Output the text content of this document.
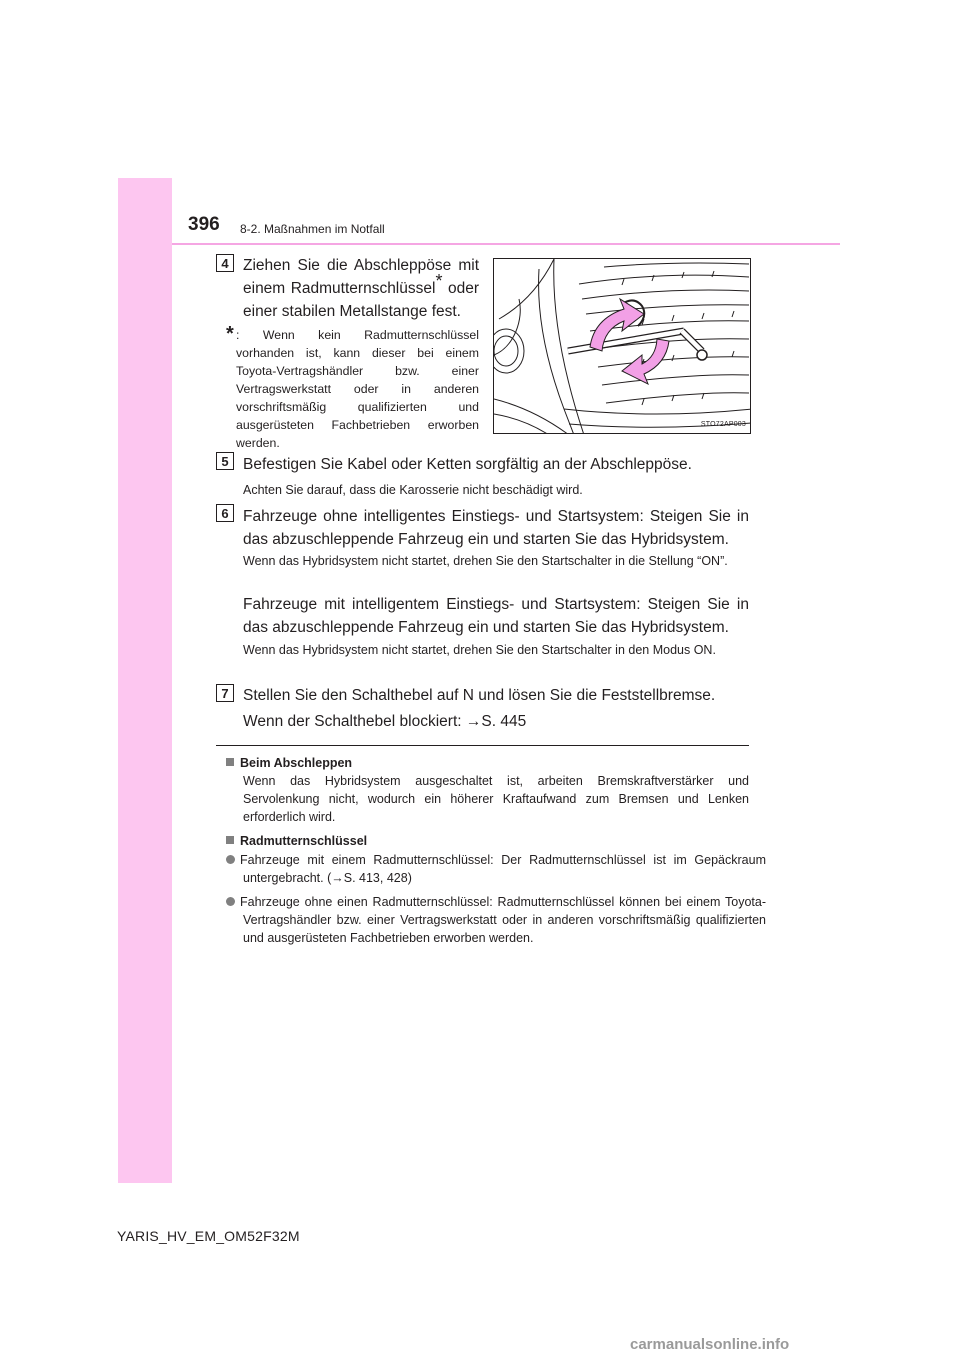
396 8-2. Maßnahmen im Notfall
4 Ziehen Sie die Abschleppöse mit
einem Radmutternschlüssel* oder
einer stabilen Metallstange fest.
* : Wenn kein Radmutternschlüssel vorhanden ist, kann dieser bei einem Toyota-Vertragshändler bzw. einer Vertragswerkstatt oder in anderen vorschriftsmäßig qualifizierten und ausgerüsteten Fachbetrieben erworben werden.
STO72AP003
5 Befestigen Sie Kabel oder Ketten sorgfältig an der Abschleppöse.
Achten Sie darauf, dass die Karosserie nicht beschädigt wird.
6 Fahrzeuge ohne intelligentes Einstiegs- und Startsystem: Steigen Sie in das abzuschleppende Fahrzeug ein und starten Sie das Hybridsystem.
Wenn das Hybridsystem nicht startet, drehen Sie den Startschalter in die Stellung “ON”.
Fahrzeuge mit intelligentem Einstiegs- und Startsystem: Steigen Sie in das abzuschleppende Fahrzeug ein und starten Sie das Hybridsystem.
Wenn das Hybridsystem nicht startet, drehen Sie den Startschalter in den Modus ON.
7 Stellen Sie den Schalthebel auf N und lösen Sie die Feststellbremse.
Wenn der Schalthebel blockiert: →S. 445
Beim Abschleppen
Wenn das Hybridsystem ausgeschaltet ist, arbeiten Bremskraftverstärker und Servolenkung nicht, wodurch ein höherer Kraftaufwand zum Bremsen und Lenken erforderlich wird.
Radmutternschlüssel
Fahrzeuge mit einem Radmutternschlüssel: Der Radmutternschlüssel ist im Gepäckraum untergebracht. (→S. 413, 428)
Fahrzeuge ohne einen Radmutternschlüssel: Radmutternschlüssel können bei einem Toyota-Vertragshändler bzw. einer Vertragswerkstatt oder in anderen vorschriftsmäßig qualifizierten und ausgerüsteten Fachbetrieben erworben werden.
YARIS_HV_EM_OM52F32M
carmanualsonline.info
